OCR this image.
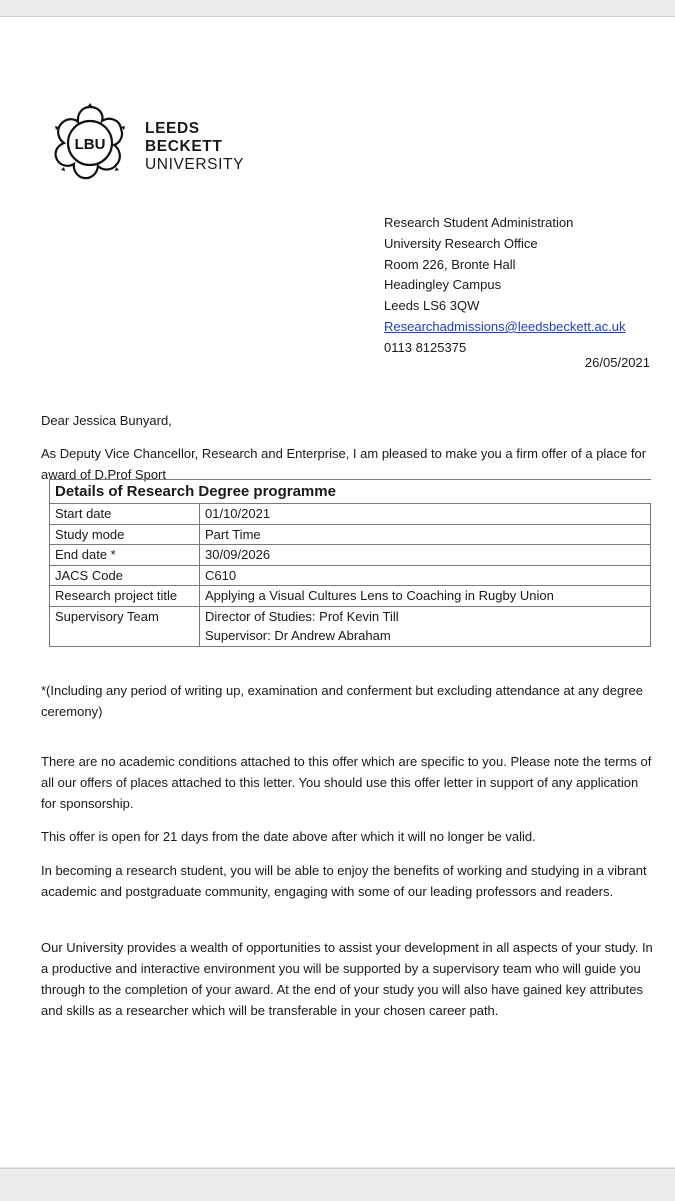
LBU
LEEDS
BECKETT
UNIVERSITY
Research Student Administration
University Research Office
Room 226, Bronte Hall
Headingley Campus
Leeds LS6 3QW
Researchadmissions@leedsbeckett.ac.uk
0113 8125375
26/05/2021
Dear Jessica Bunyard,
As Deputy Vice Chancellor, Research and Enterprise, I am pleased to make you a firm offer of a place for award of D.Prof Sport
Details of Research Degree programme	
Start date	01/10/2021
Study mode	Part Time
End date *	30/09/2026
JACS Code	C610
Research project title	Applying a Visual Cultures Lens to Coaching in Rugby Union
Supervisory Team	Director of Studies: Prof Kevin Till
Supervisor: Dr Andrew Abraham
*(Including any period of writing up, examination and conferment but excluding attendance at any degree ceremony)
There are no academic conditions attached to this offer which are specific to you. Please note the terms of all our offers of places attached to this letter. You should use this offer letter in support of any application for sponsorship.
This offer is open for 21 days from the date above after which it will no longer be valid.
In becoming a research student, you will be able to enjoy the benefits of working and studying in a vibrant academic and postgraduate community, engaging with some of our leading professors and readers.
Our University provides a wealth of opportunities to assist your development in all aspects of your study. In a productive and interactive environment you will be supported by a supervisory team who will guide you through to the completion of your award. At the end of your study you will also have gained key attributes and skills as a researcher which will be transferable in your chosen career path.
